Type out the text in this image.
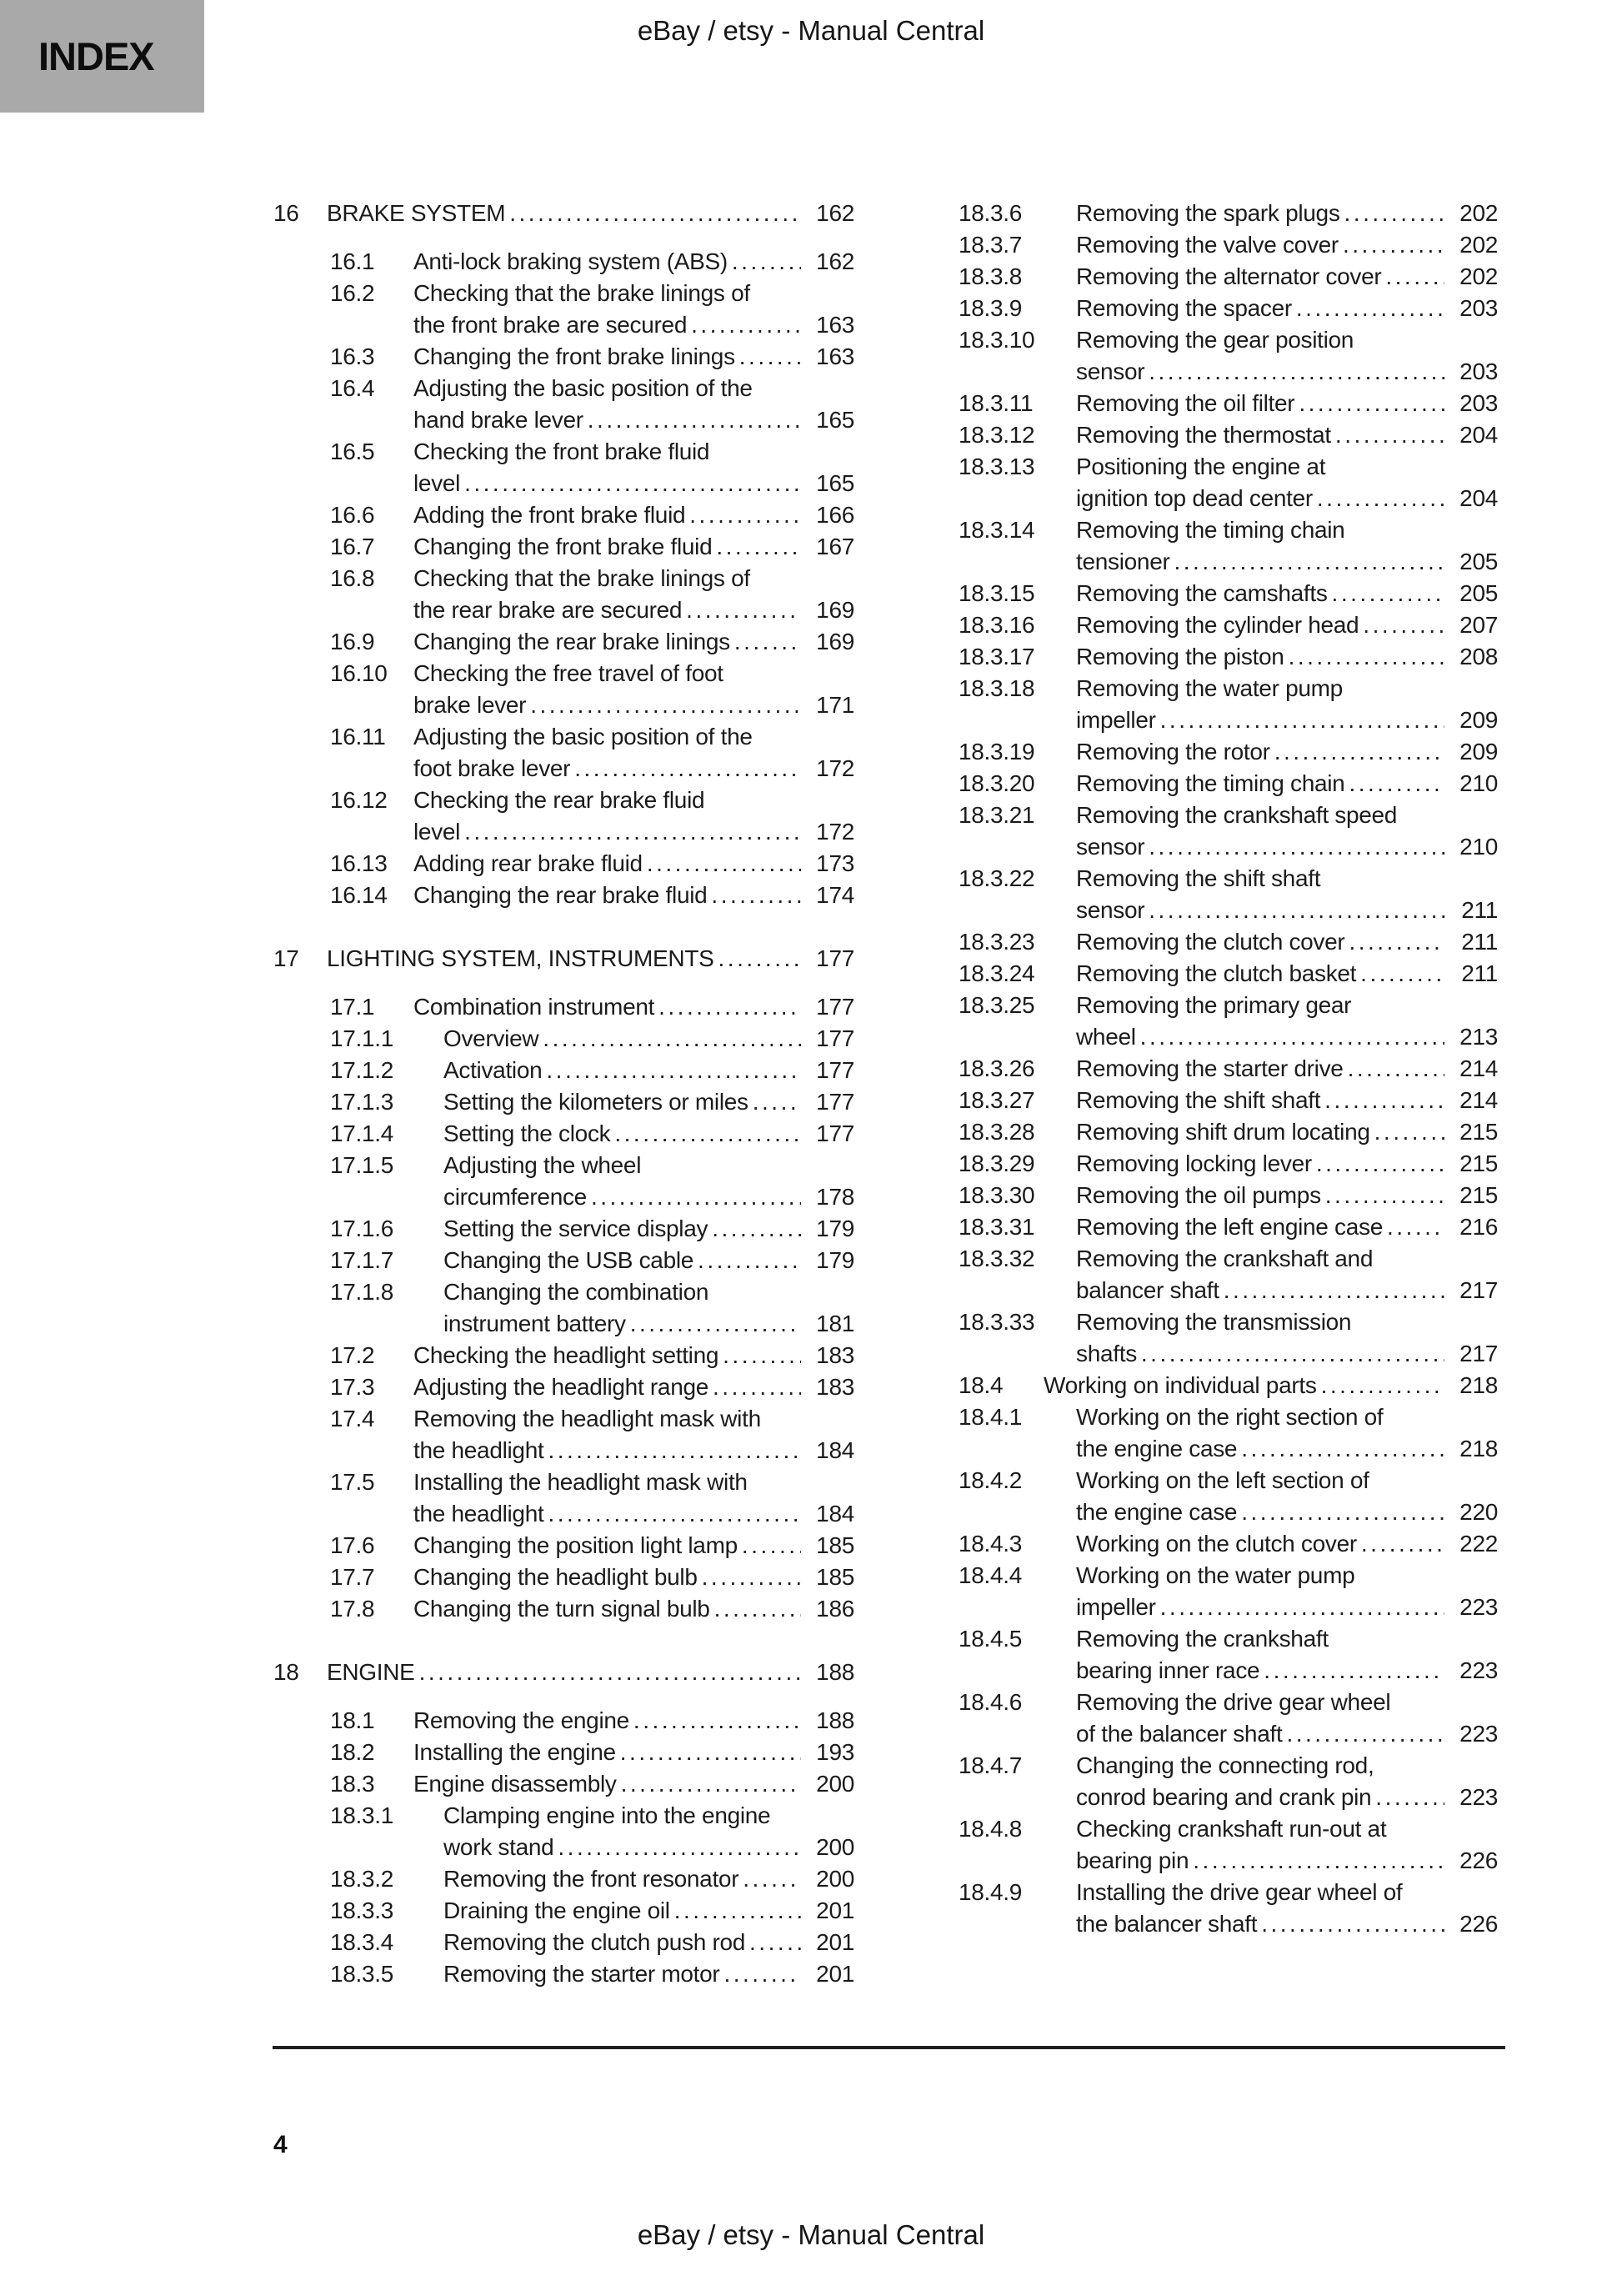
INDEX
eBay / etsy - Manual Central
16	BRAKE SYSTEM .....	162
16.1	Anti-lock braking system (ABS) .....	162
16.2	Checking that the brake linings of
the front brake are secured .....	163
16.3	Changing the front brake linings .....	163
16.4	Adjusting the basic position of the
hand brake lever .....	165
16.5	Checking the front brake fluid
level .....	165
16.6	Adding the front brake fluid .....	166
16.7	Changing the front brake fluid .....	167
16.8	Checking that the brake linings of
the rear brake are secured .....	169
16.9	Changing the rear brake linings .....	169
16.10	Checking the free travel of foot
brake lever .....	171
16.11	Adjusting the basic position of the
foot brake lever .....	172
16.12	Checking the rear brake fluid
level .....	172
16.13	Adding rear brake fluid .....	173
16.14	Changing the rear brake fluid .....	174
17	LIGHTING SYSTEM, INSTRUMENTS .....	177
17.1	Combination instrument .....	177
17.1.1	Overview .....	177
17.1.2	Activation .....	177
17.1.3	Setting the kilometers or miles .....	177
17.1.4	Setting the clock .....	177
17.1.5	Adjusting the wheel
circumference .....	178
17.1.6	Setting the service display .....	179
17.1.7	Changing the USB cable .....	179
17.1.8	Changing the combination
instrument battery .....	181
17.2	Checking the headlight setting .....	183
17.3	Adjusting the headlight range .....	183
17.4	Removing the headlight mask with
the headlight .....	184
17.5	Installing the headlight mask with
the headlight .....	184
17.6	Changing the position light lamp .....	185
17.7	Changing the headlight bulb .....	185
17.8	Changing the turn signal bulb .....	186
18	ENGINE .....	188
18.1	Removing the engine .....	188
18.2	Installing the engine .....	193
18.3	Engine disassembly .....	200
18.3.1	Clamping engine into the engine
work stand .....	200
18.3.2	Removing the front resonator .....	200
18.3.3	Draining the engine oil .....	201
18.3.4	Removing the clutch push rod .....	201
18.3.5	Removing the starter motor .....	201
18.3.6	Removing the spark plugs .....	202
18.3.7	Removing the valve cover .....	202
18.3.8	Removing the alternator cover .....	202
18.3.9	Removing the spacer .....	203
18.3.10	Removing the gear position
sensor .....	203
18.3.11	Removing the oil filter .....	203
18.3.12	Removing the thermostat .....	204
18.3.13	Positioning the engine at
ignition top dead center .....	204
18.3.14	Removing the timing chain
tensioner .....	205
18.3.15	Removing the camshafts .....	205
18.3.16	Removing the cylinder head .....	207
18.3.17	Removing the piston .....	208
18.3.18	Removing the water pump
impeller .....	209
18.3.19	Removing the rotor .....	209
18.3.20	Removing the timing chain .....	210
18.3.21	Removing the crankshaft speed
sensor .....	210
18.3.22	Removing the shift shaft
sensor .....	211
18.3.23	Removing the clutch cover .....	211
18.3.24	Removing the clutch basket .....	211
18.3.25	Removing the primary gear
wheel .....	213
18.3.26	Removing the starter drive .....	214
18.3.27	Removing the shift shaft .....	214
18.3.28	Removing shift drum locating .....	215
18.3.29	Removing locking lever .....	215
18.3.30	Removing the oil pumps .....	215
18.3.31	Removing the left engine case .....	216
18.3.32	Removing the crankshaft and
balancer shaft .....	217
18.3.33	Removing the transmission
shafts .....	217
18.4	Working on individual parts .....	218
18.4.1	Working on the right section of
the engine case .....	218
18.4.2	Working on the left section of
the engine case .....	220
18.4.3	Working on the clutch cover .....	222
18.4.4	Working on the water pump
impeller .....	223
18.4.5	Removing the crankshaft
bearing inner race .....	223
18.4.6	Removing the drive gear wheel
of the balancer shaft .....	223
18.4.7	Changing the connecting rod,
conrod bearing and crank pin .....	223
18.4.8	Checking crankshaft run-out at
bearing pin .....	226
18.4.9	Installing the drive gear wheel of
the balancer shaft .....	226
4
eBay / etsy - Manual Central
